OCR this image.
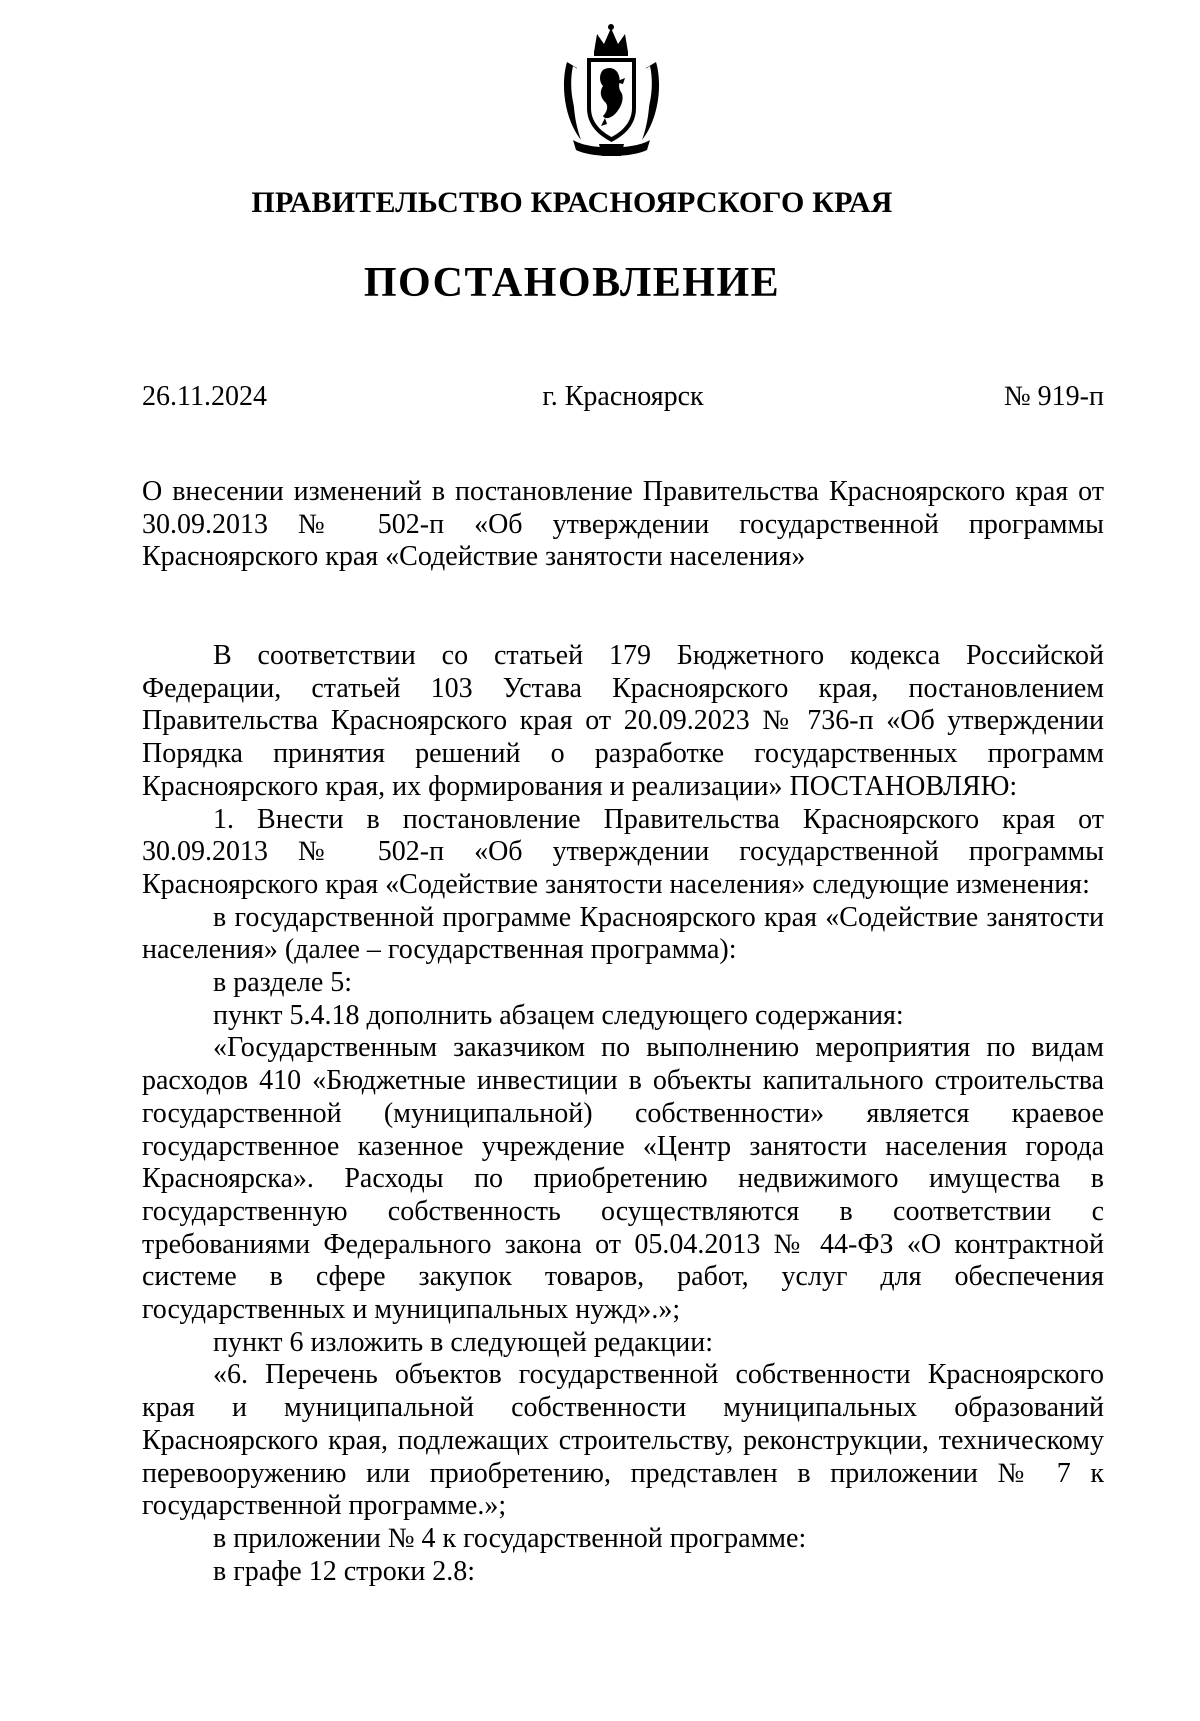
ПРАВИТЕЛЬСТВО КРАСНОЯРСКОГО КРАЯ
ПОСТАНОВЛЕНИЕ
26.11.2024	г. Красноярск	№ 919-п
О внесении изменений в постановление Правительства Красноярского края от 30.09.2013 № 502-п «Об утверждении государственной программы Красноярского края «Содействие занятости населения»

В соответствии со статьей 179 Бюджетного кодекса Российской Федерации, статьей 103 Устава Красноярского края, постановлением Правительства Красноярского края от 20.09.2023 № 736-п «Об утверждении Порядка принятия решений о разработке государственных программ Красноярского края, их формирования и реализации» ПОСТАНОВЛЯЮ:

1. Внести в постановление Правительства Красноярского края от 30.09.2013 № 502-п «Об утверждении государственной программы Красноярского края «Содействие занятости населения» следующие изменения:

в государственной программе Красноярского края «Содействие занятости населения» (далее – государственная программа):

в разделе 5:

пункт 5.4.18 дополнить абзацем следующего содержания:

«Государственным заказчиком по выполнению мероприятия по видам расходов 410 «Бюджетные инвестиции в объекты капитального строительства государственной (муниципальной) собственности» является краевое государственное казенное учреждение «Центр занятости населения города Красноярска». Расходы по приобретению недвижимого имущества в государственную собственность осуществляются в соответствии с требованиями Федерального закона от 05.04.2013 № 44-ФЗ «О контрактной системе в сфере закупок товаров, работ, услуг для обеспечения государственных и муниципальных нужд».»;

пункт 6 изложить в следующей редакции:

«6. Перечень объектов государственной собственности Красноярского края и муниципальной собственности муниципальных образований Красноярского края, подлежащих строительству, реконструкции, техническому перевооружению или приобретению, представлен в приложении № 7 к государственной программе.»;

в приложении № 4 к государственной программе:

в графе 12 строки 2.8:
